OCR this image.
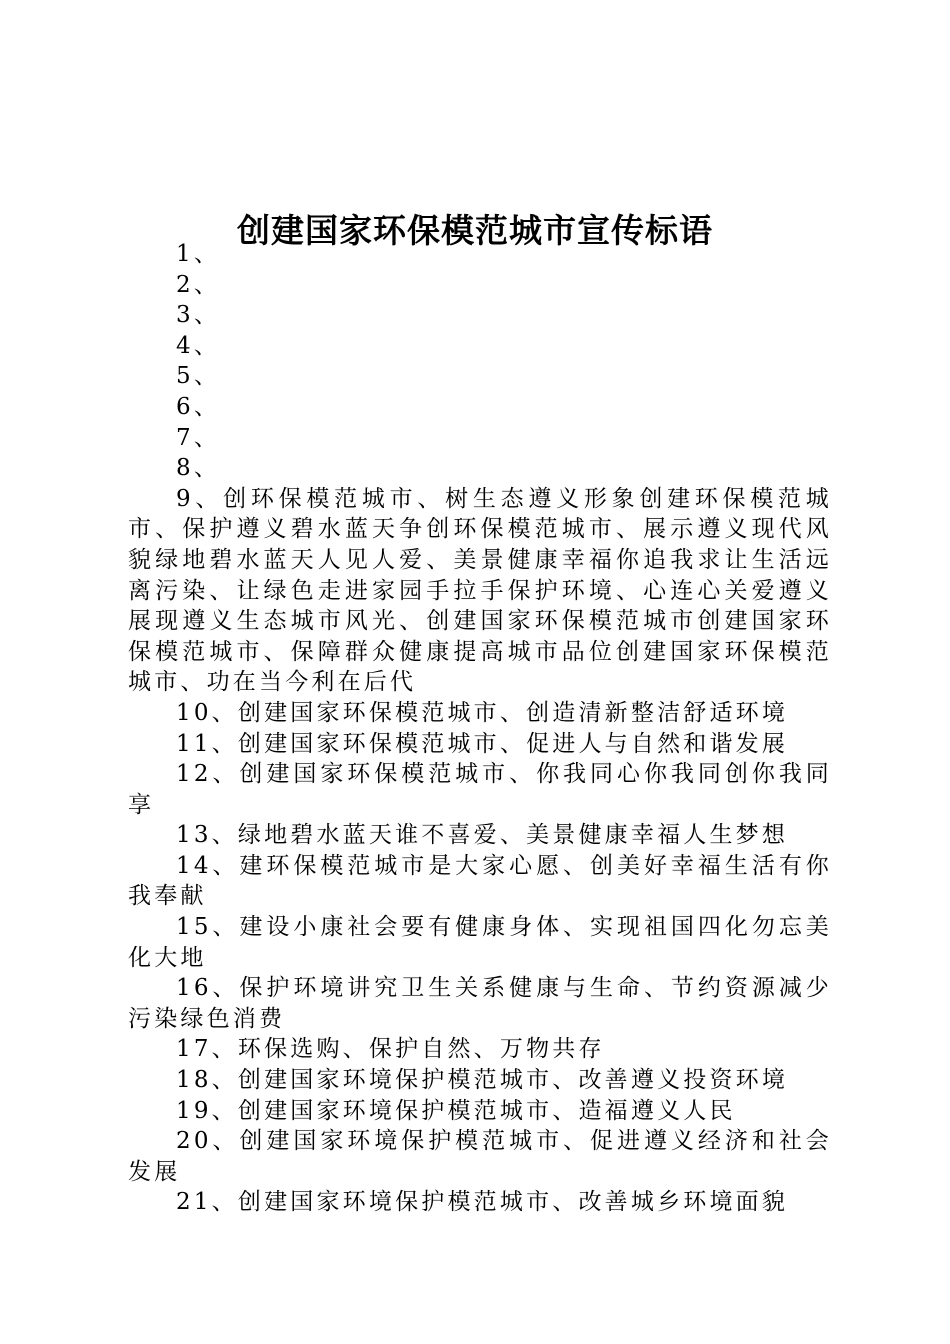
创建国家环保模范城市宣传标语

1、

2、

3、

4、

5、

6、

7、

8、

9、创环保模范城市、树生态遵义形象创建环保模范城市、保护遵义碧水蓝天争创环保模范城市、展示遵义现代风貌绿地碧水蓝天人见人爱、美景健康幸福你追我求让生活远离污染、让绿色走进家园手拉手保护环境、心连心关爱遵义展现遵义生态城市风光、创建国家环保模范城市创建国家环保模范城市、保障群众健康提高城市品位创建国家环保模范城市、功在当今利在后代

10、创建国家环保模范城市、创造清新整洁舒适环境

11、创建国家环保模范城市、促进人与自然和谐发展

12、创建国家环保模范城市、你我同心你我同创你我同享

13、绿地碧水蓝天谁不喜爱、美景健康幸福人生梦想

14、建环保模范城市是大家心愿、创美好幸福生活有你我奉献

15、建设小康社会要有健康身体、实现祖国四化勿忘美化大地

16、保护环境讲究卫生关系健康与生命、节约资源减少污染绿色消费

17、环保选购、保护自然、万物共存

18、创建国家环境保护模范城市、改善遵义投资环境

19、创建国家环境保护模范城市、造福遵义人民

20、创建国家环境保护模范城市、促进遵义经济和社会发展

21、创建国家环境保护模范城市、改善城乡环境面貌
